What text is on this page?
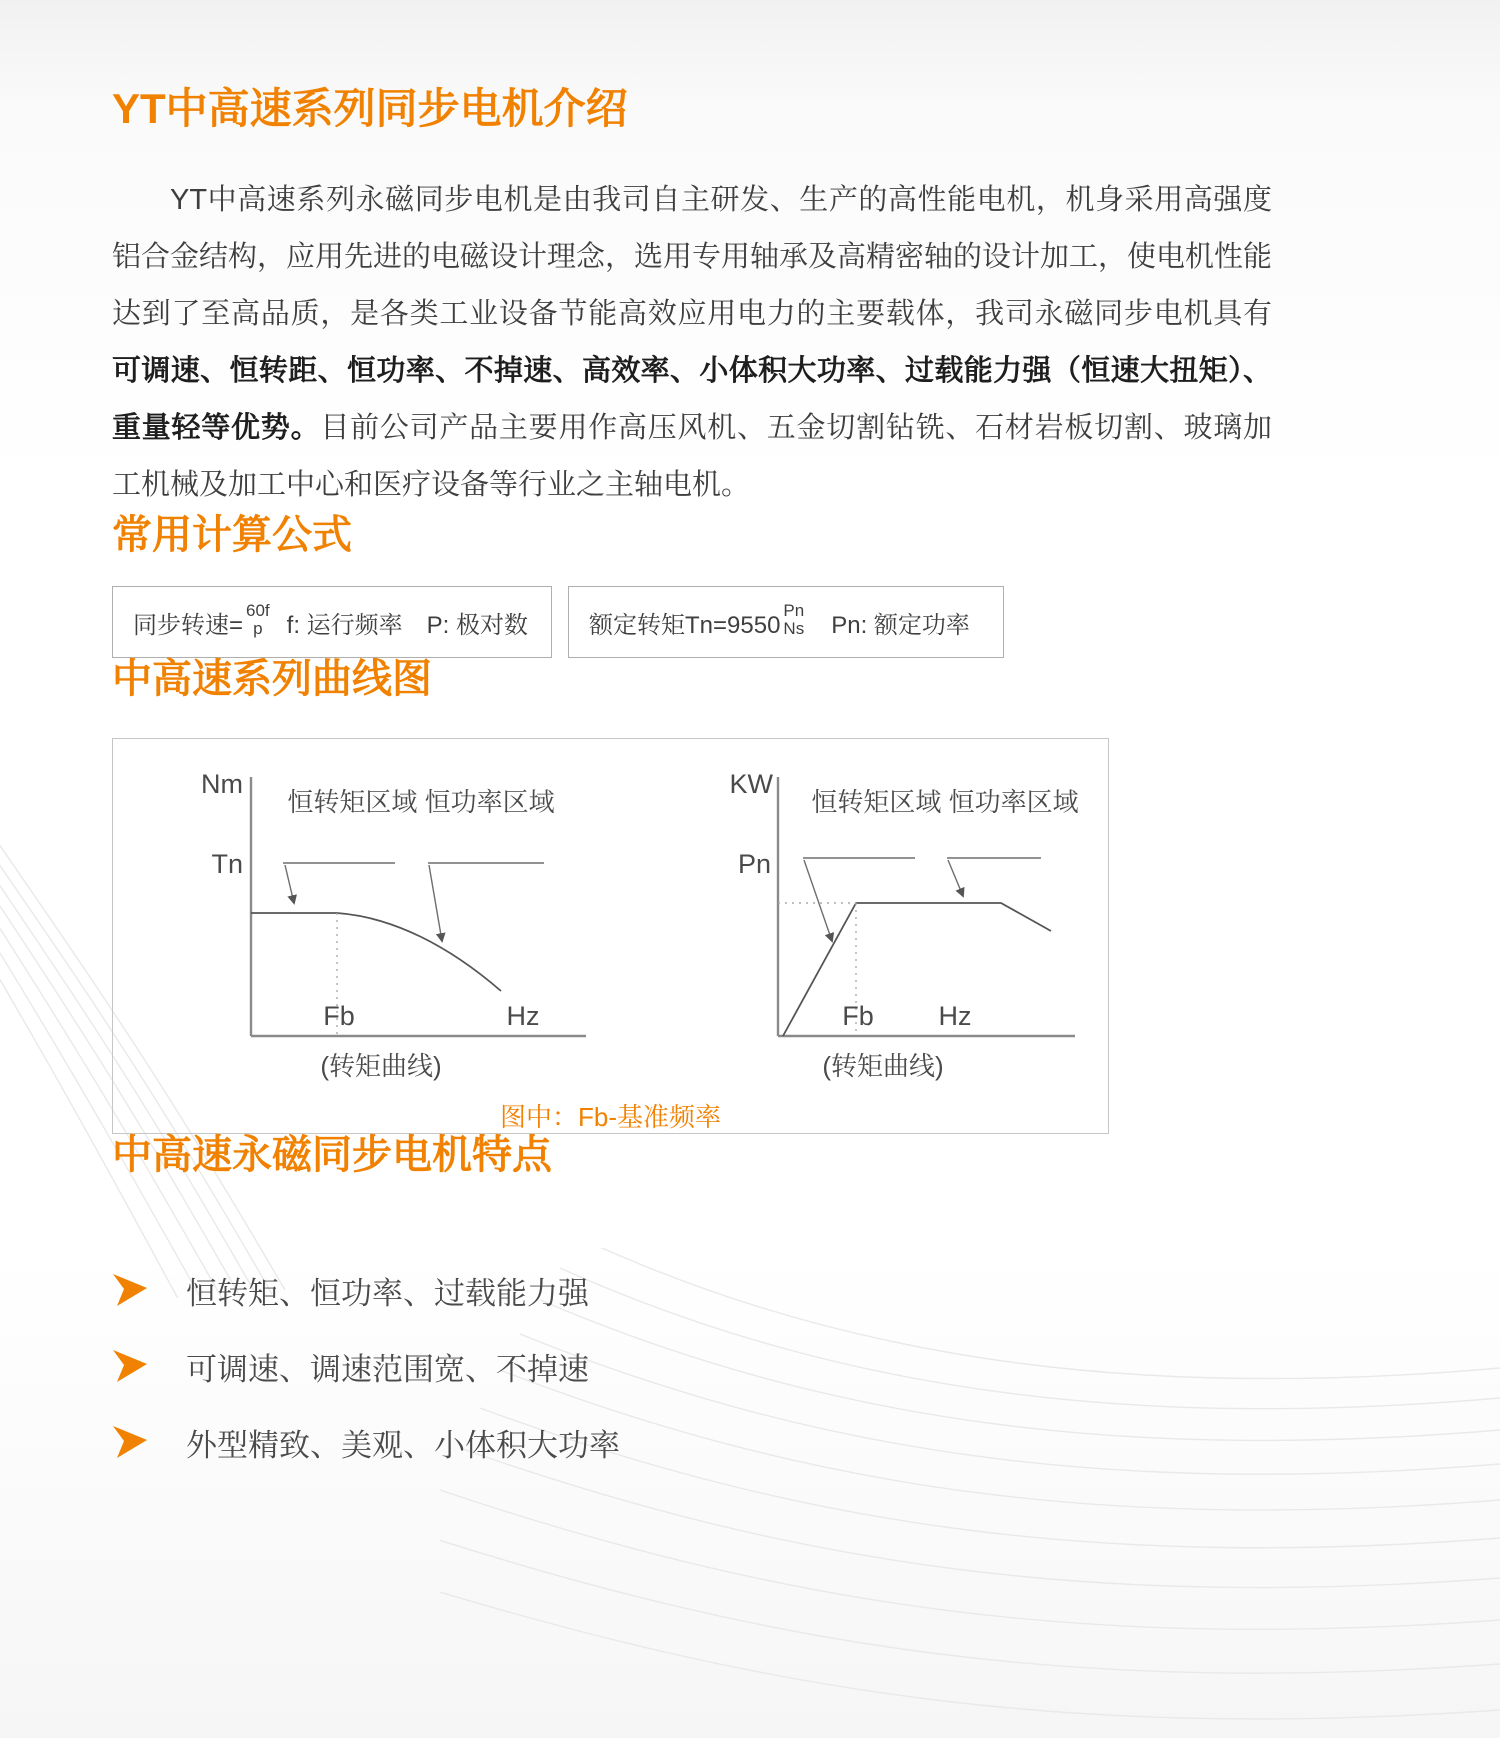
YT中高速系列同步电机介绍

YT中高速系列永磁同步电机是由我司自主研发、生产的高性能电机，机身采用高强度铝合金结构，应用先进的电磁设计理念，选用专用轴承及高精密轴的设计加工，使电机性能达到了至高品质，是各类工业设备节能高效应用电力的主要载体，我司永磁同步电机具有可调速、恒转距、恒功率、不掉速、高效率、小体积大功率、过载能力强（恒速大扭矩）、重量轻等优势。目前公司产品主要用作高压风机、五金切割钻铣、石材岩板切割、玻璃加工机械及加工中心和医疗设备等行业之主轴电机。

常用计算公式
同步转速=
60f
p f: 运行频率 P: 极对数	额定转矩Tn=9550
Pn
Ns Pn: 额定功率
中高速系列曲线图
Nm
恒转矩区域 恒功率区域
Tn
Fb	Hz
(转矩曲线)
KW
恒转矩区域 恒功率区域
Pn
Fb Hz
(转矩曲线)
图中：Fb-基准频率
中高速永磁同步电机特点
恒转矩、恒功率、过载能力强
可调速、调速范围宽、不掉速
外型精致、美观、小体积大功率
